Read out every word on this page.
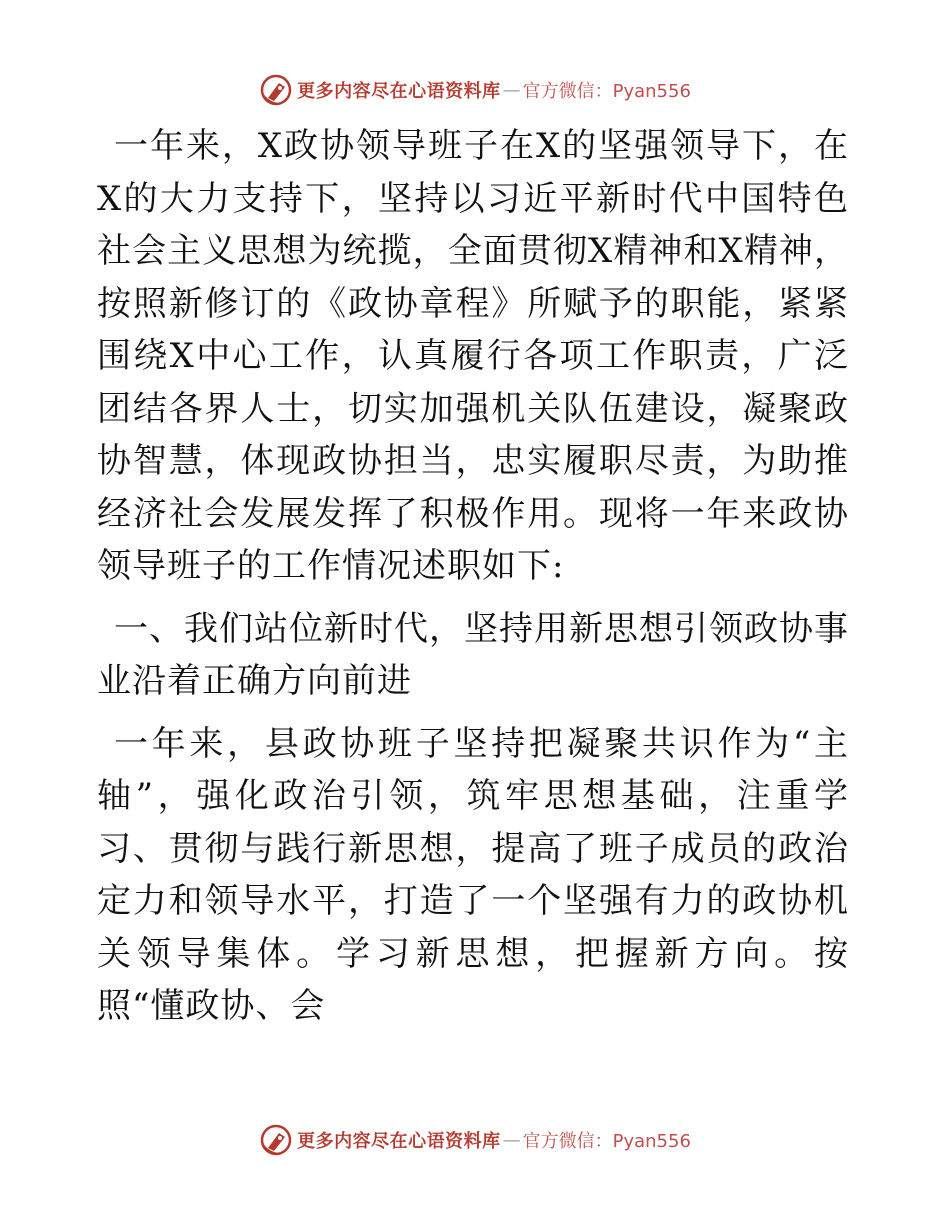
更多内容尽在心语资料库 — 官方微信：Pyan556

一年来，X政协领导班子在X的坚强领导下，在X的大力支持下，坚持以习近平新时代中国特色社会主义思想为统揽，全面贯彻X精神和X精神，按照新修订的《政协章程》所赋予的职能，紧紧围绕X中心工作，认真履行各项工作职责，广泛团结各界人士，切实加强机关队伍建设，凝聚政协智慧，体现政协担当，忠实履职尽责，为助推经济社会发展发挥了积极作用。现将一年来政协领导班子的工作情况述职如下:

一、我们站位新时代，坚持用新思想引领政协事业沿着正确方向前进

一年来，县政协班子坚持把凝聚共识作为“主轴”，强化政治引领，筑牢思想基础，注重学习、贯彻与践行新思想，提高了班子成员的政治定力和领导水平，打造了一个坚强有力的政协机关领导集体。学习新思想，把握新方向。按照“懂政协、会

更多内容尽在心语资料库 — 官方微信：Pyan556
